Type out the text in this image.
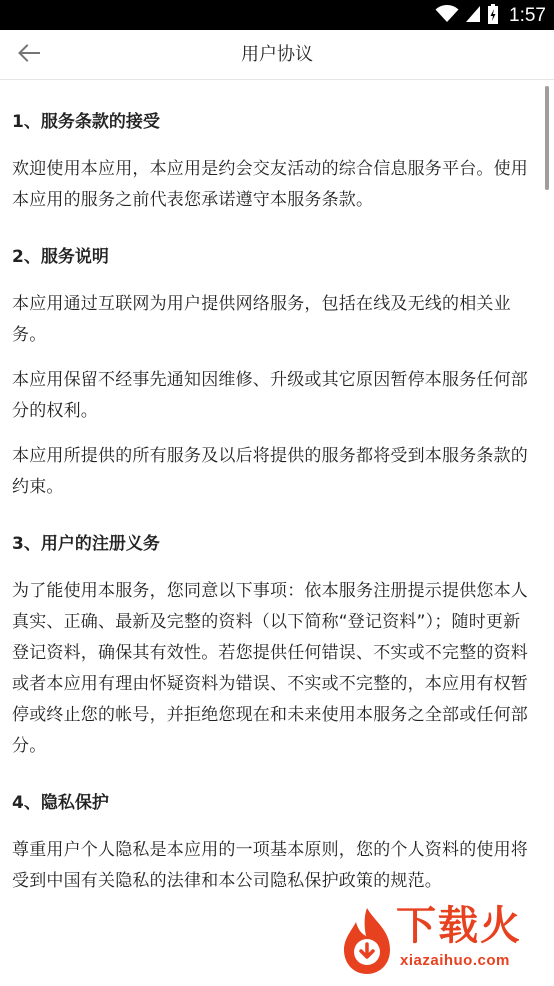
1:57
用户协议
1、服务条款的接受
欢迎使用本应用，本应用是约会交友活动的综合信息服务平台。使用本应用的服务之前代表您承诺遵守本服务条款。
2、服务说明
本应用通过互联网为用户提供网络服务，包括在线及无线的相关业务。
本应用保留不经事先通知因维修、升级或其它原因暂停本服务任何部分的权利。
本应用所提供的所有服务及以后将提供的服务都将受到本服务条款的约束。
3、用户的注册义务
为了能使用本服务，您同意以下事项：依本服务注册提示提供您本人真实、正确、最新及完整的资料（以下简称“登记资料”）；随时更新登记资料，确保其有效性。若您提供任何错误、不实或不完整的资料或者本应用有理由怀疑资料为错误、不实或不完整的，本应用有权暂停或终止您的帐号，并拒绝您现在和未来使用本服务之全部或任何部分。
4、隐私保护
尊重用户个人隐私是本应用的一项基本原则，您的个人资料的使用将受到中国有关隐私的法律和本公司隐私保护政策的规范。
下载火
xiazaihuo.com
